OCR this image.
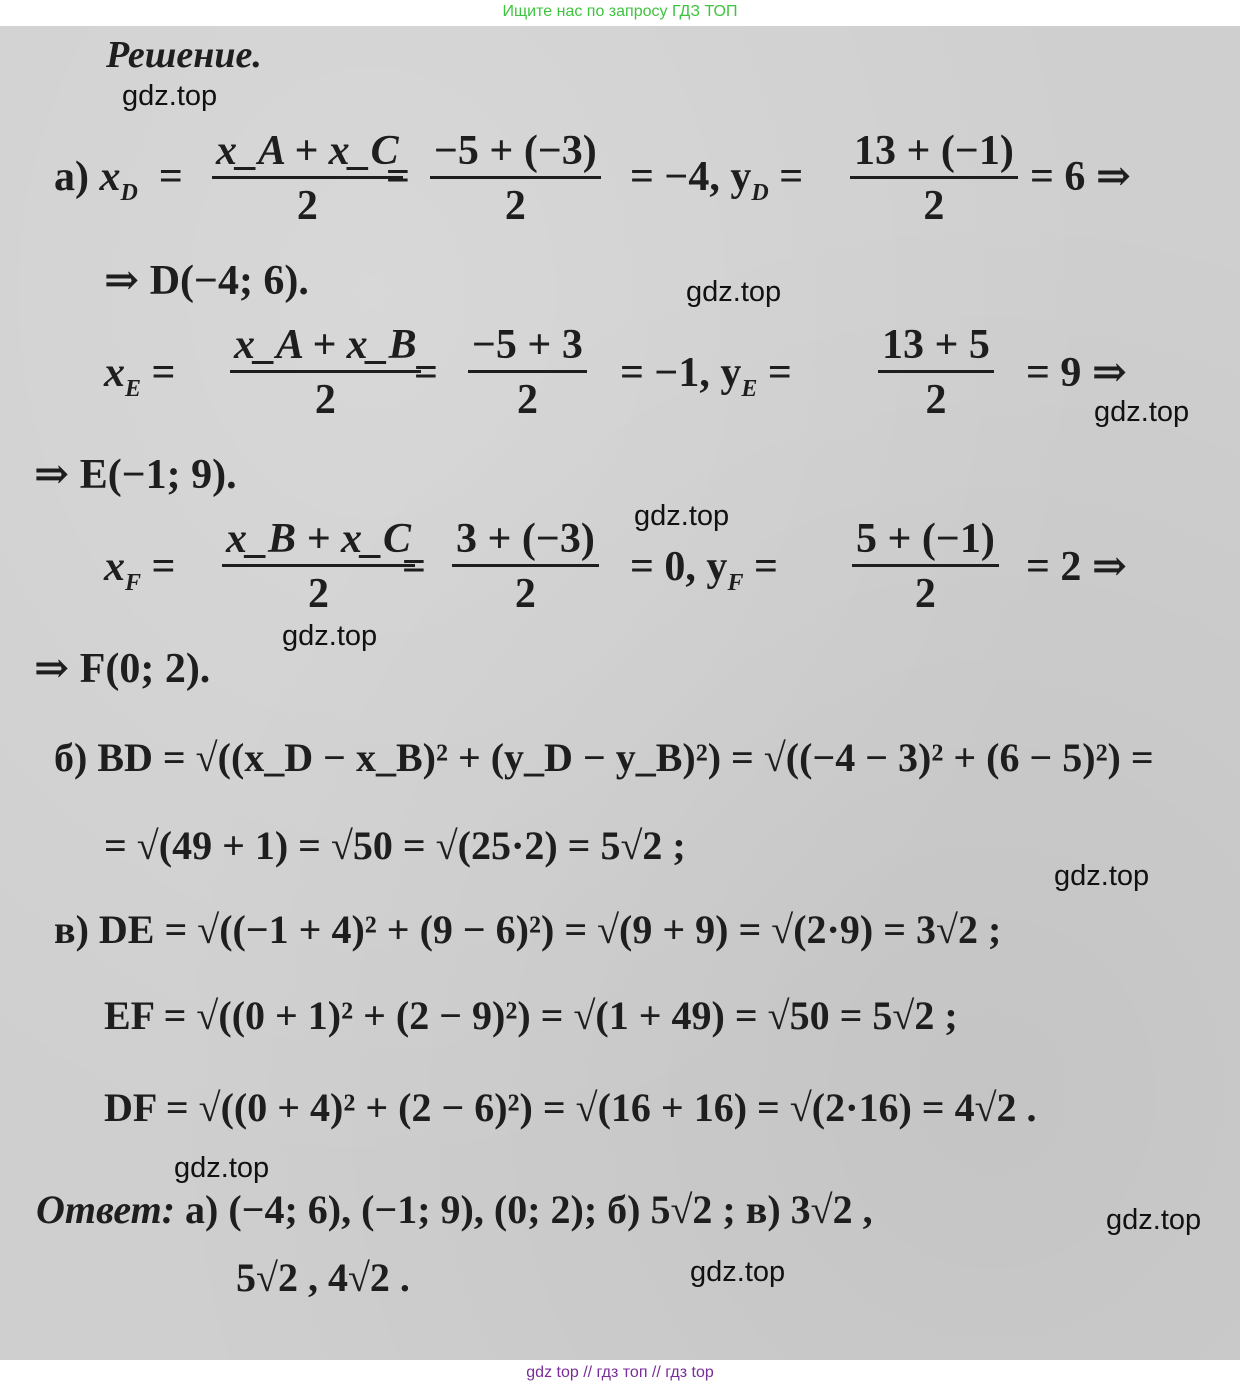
Ищите нас по запросу ГДЗ ТОП
Решение.
gdz.top
а) $x_D$  =
x_A + x_C
2
=
−5 + (−3)
2
= −4, $y_D$ =
13 + (−1)
2
= 6 ⇒
⇒ D(−4; 6).	gdz.top
$x_E$ =
x_A + x_B
2
=
−5 + 3
2
= −1, $y_E$ =
13 + 5
2
= 9 ⇒
gdz.top
⇒ E(−1; 9).
gdz.top
$x_F$ =
x_B + x_C
2
=
3 + (−3)
2
= 0, $y_F$ =
5 + (−1)
2
= 2 ⇒
gdz.top
⇒ F(0; 2).
б) BD = √((x_D − x_B)² + (y_D − y_B)²) = √((−4 − 3)² + (6 − 5)²) =
= √(49 + 1) = √50 = √(25·2) = 5√2 ;
gdz.top
в) DE = √((−1 + 4)² + (9 − 6)²) = √(9 + 9) = √(2·9) = 3√2 ;
EF = √((0 + 1)² + (2 − 9)²) = √(1 + 49) = √50 = 5√2 ;
DF = √((0 + 4)² + (2 − 6)²) = √(16 + 16) = √(2·16) = 4√2 .
gdz.top
Ответ: а) (−4; 6), (−1; 9), (0; 2); б) 5√2 ; в) 3√2 ,	gdz.top
5√2 , 4√2 .	gdz.top
gdz top // гдз топ // гдз top
